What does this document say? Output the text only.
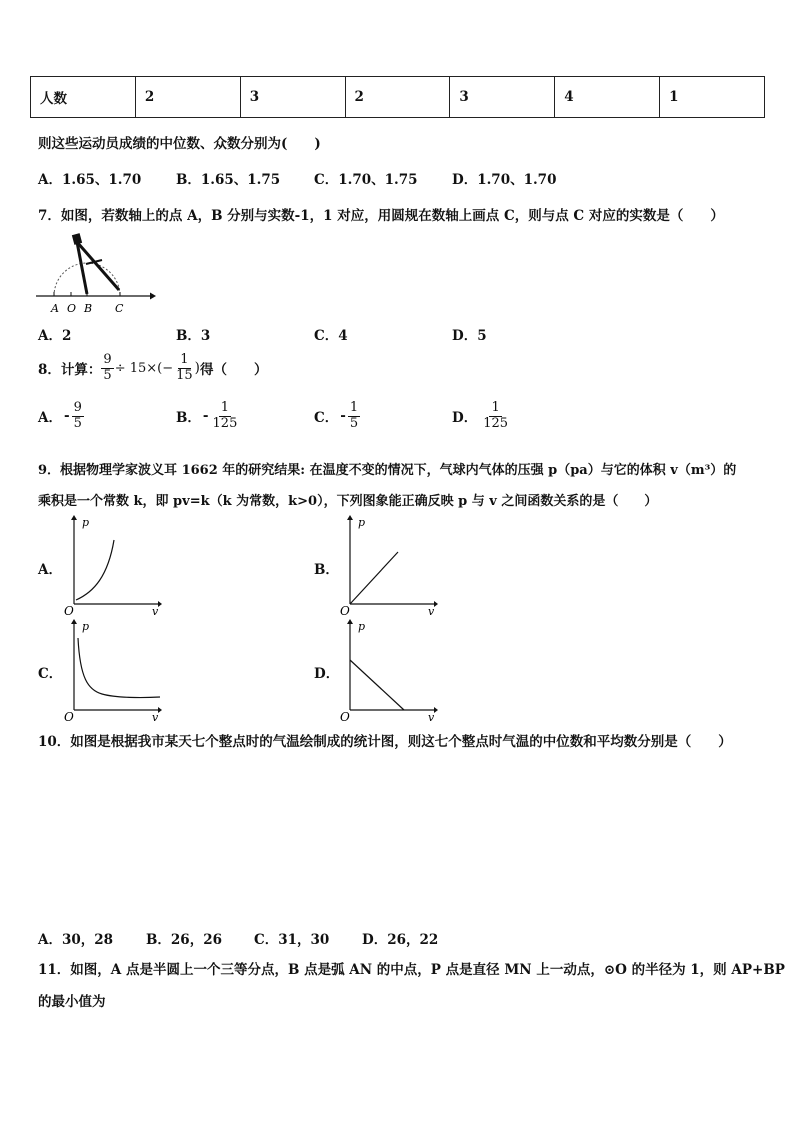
人数	2	3	2	3	4	1
则这些运动员成绩的中位数、众数分别为(　　)
A．1.65、1.70	B．1.65、1.75	C．1.70、1.75	D．1.70、1.70
7．如图，若数轴上的点 A，B 分别与实数-1，1 对应，用圆规在数轴上画点 C，则与点 C 对应的实数是（　　）
A O B C
A．2	B．3	C．4	D．5
8．计算： $\frac{9}{5} \div 15\times(- \frac{1}{15}$ ) 得（　　）
A． - $\frac{9}{5}$	B． - $\frac{1}{125}$	C． - $\frac{1}{5}$	D． $\frac{1}{125}$
9．根据物理学家波义耳 1662 年的研究结果: 在温度不变的情况下，气球内气体的压强 p（pa）与它的体积 v（m³）的
乘积是一个常数 k，即 pv=k（k 为常数，k>0），下列图象能正确反映 p 与 v 之间函数关系的是（　　）
A．	B．
C．	D．
p
v
O
p
v
O
p
v
O
p
v
O
10．如图是根据我市某天七个整点时的气温绘制成的统计图，则这七个整点时气温的中位数和平均数分别是（　　）
A．30，28 B．26，26 C．31，30 D．26，22
11．如图，A 点是半圆上一个三等分点，B 点是弧 AN 的中点，P 点是直径 MN 上一动点，⊙O 的半径为 1，则 AP+BP
的最小值为
